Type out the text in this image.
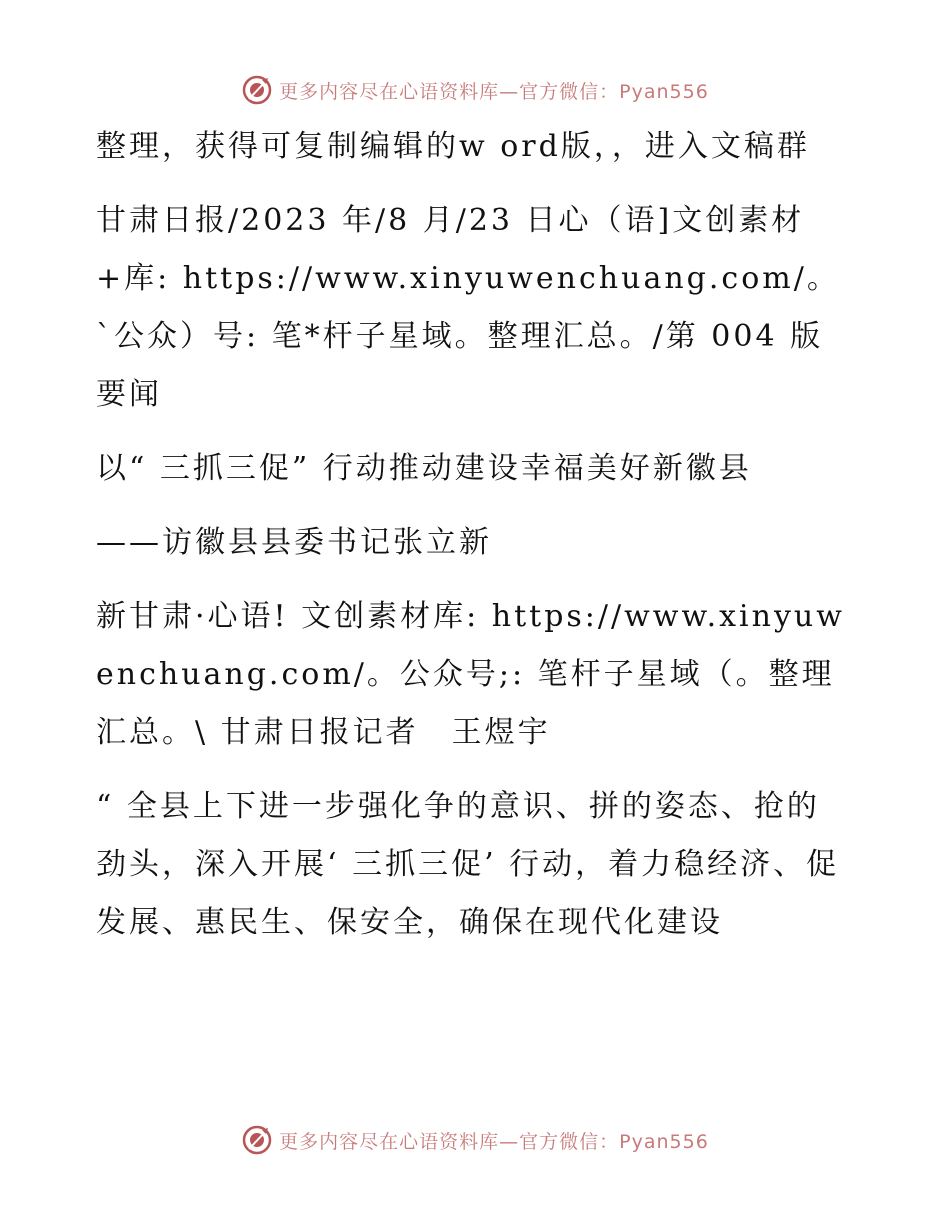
更多内容尽在心语资料库—官方微信：Pyan556

整理，获得可复制编辑的w ord版，，进入文稿群

甘肃日报/2023 年/8 月/23 日心（语]文创素材+库: https://www.xinyuwenchuang.com/。`公众）号: 笔*杆子星域。整理汇总。/第 004 版要闻

以“ 三抓三促” 行动推动建设幸福美好新徽县

——访徽县县委书记张立新

新甘肃·心语! 文创素材库: https://www.xinyuwenchuang.com/。公众号;: 笔杆子星域（。整理汇总。\ 甘肃日报记者　王煜宇

“ 全县上下进一步强化争的意识、拼的姿态、抢的劲头，深入开展‘ 三抓三促’ 行动，着力稳经济、促发展、惠民生、保安全，确保在现代化建设

更多内容尽在心语资料库—官方微信：Pyan556
